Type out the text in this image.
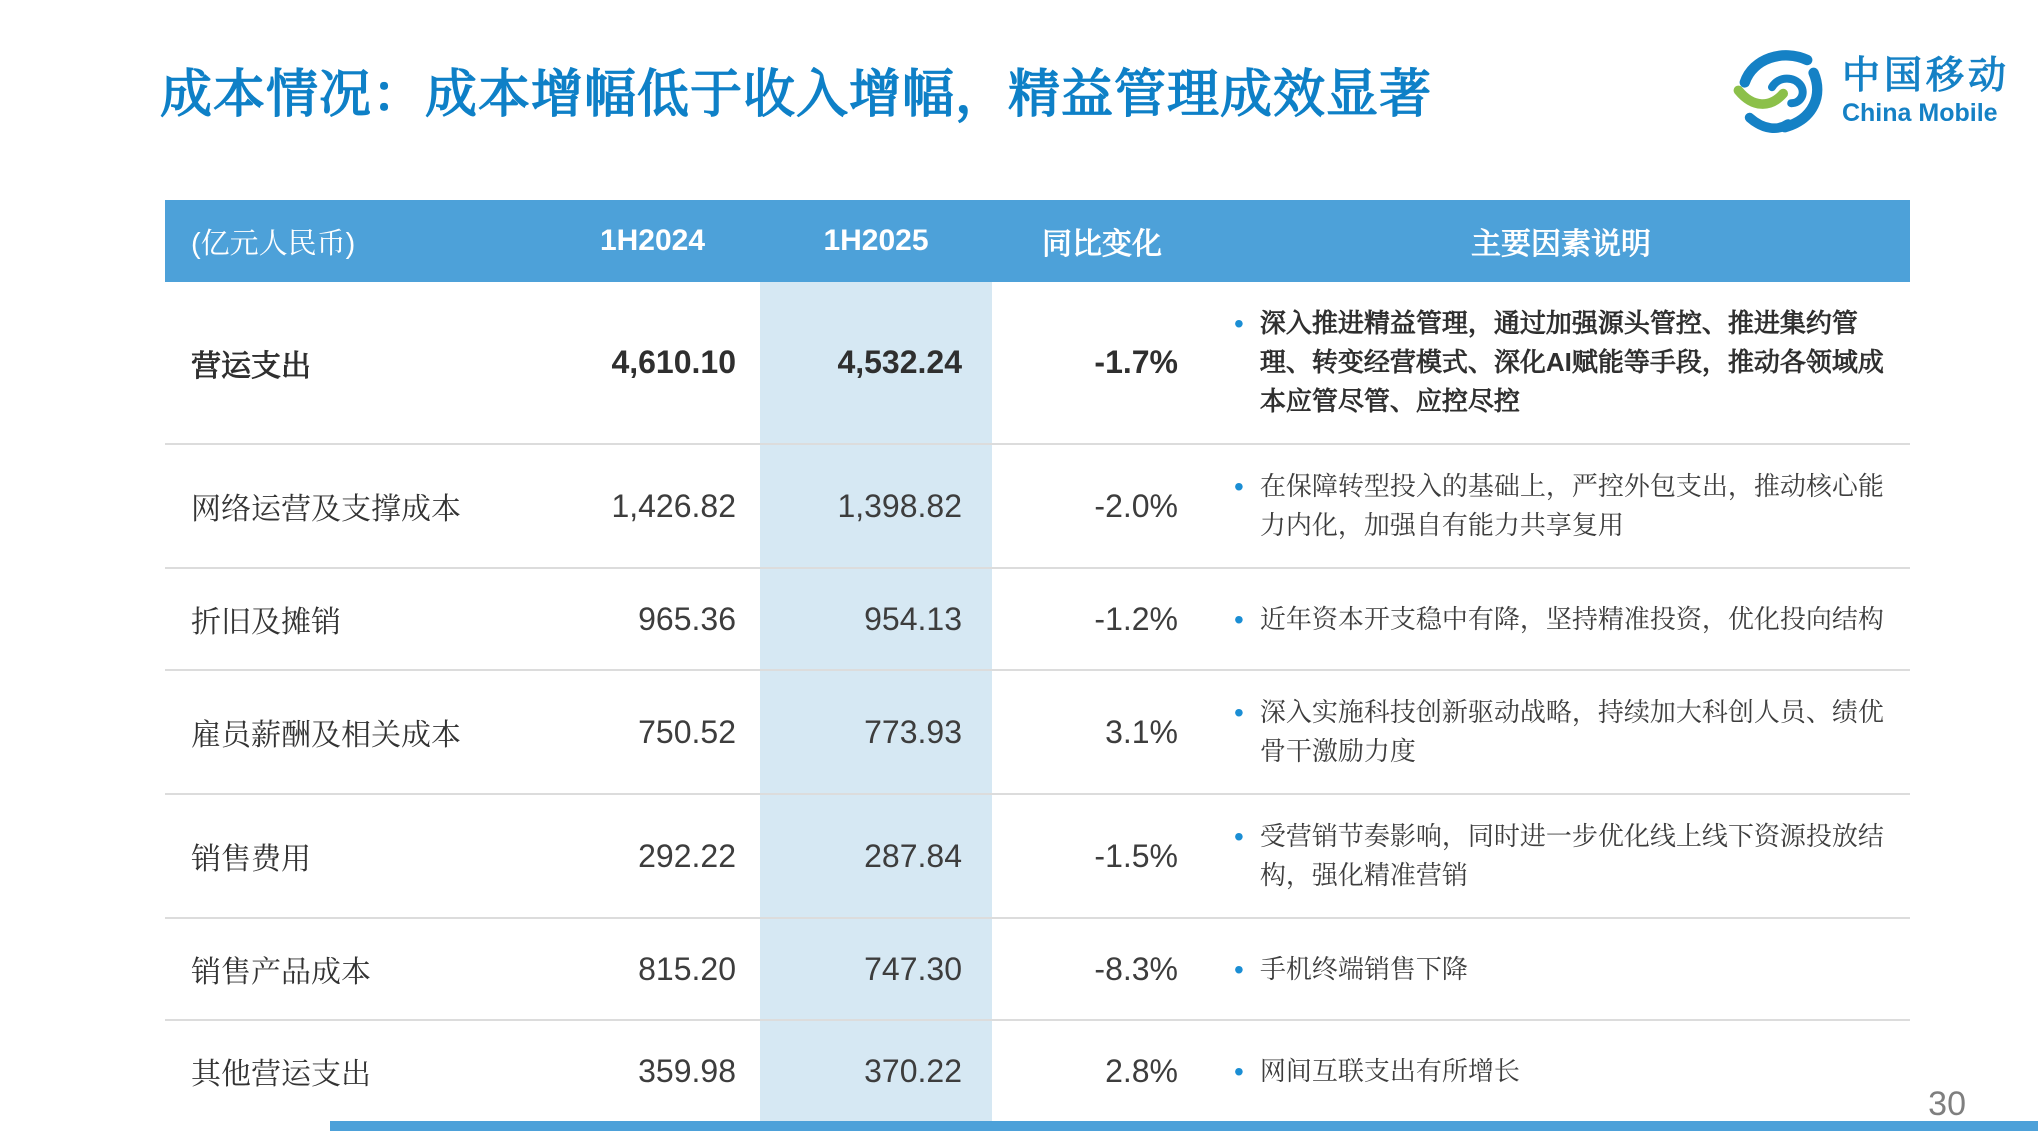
成本情况：成本增幅低于收入增幅，精益管理成效显著	中国移动
China Mobile
(亿元人民币)	1H2024	1H2025	同比变化	主要因素说明
营运支出	4,610.10	4,532.24	-1.7%	• 深入推进精益管理，通过加强源头管控、推进集约管理、转变经营模式、深化AI赋能等手段，推动各领域成本应管尽管、应控尽控

网络运营及支撑成本	1,426.82	1,398.82	-2.0%	• 在保障转型投入的基础上，严控外包支出，推动核心能力内化，加强自有能力共享复用

折旧及摊销	965.36	954.13	-1.2%	• 近年资本开支稳中有降，坚持精准投资，优化投向结构

雇员薪酬及相关成本	750.52	773.93	3.1%	• 深入实施科技创新驱动战略，持续加大科创人员、绩优骨干激励力度

销售费用	292.22	287.84	-1.5%	• 受营销节奏影响，同时进一步优化线上线下资源投放结构，强化精准营销

销售产品成本	815.20	747.30	-8.3%	• 手机终端销售下降

其他营运支出	359.98	370.22	2.8%	• 网间互联支出有所增长
30
